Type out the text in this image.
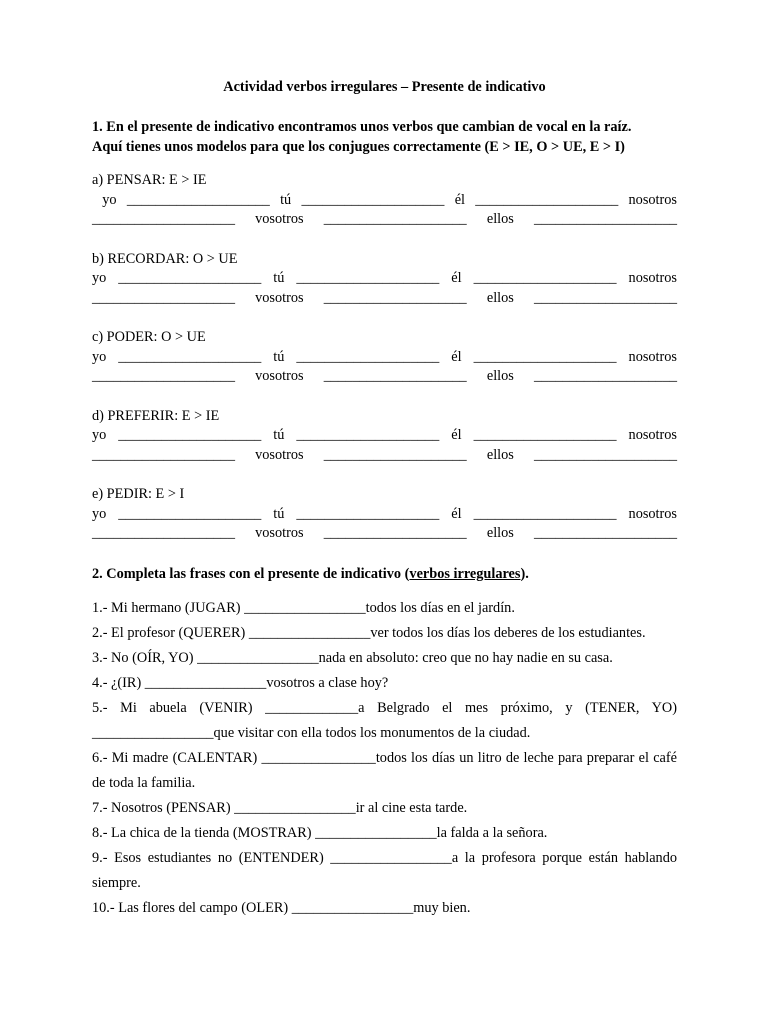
Actividad verbos irregulares – Presente de indicativo
1. En el presente de indicativo encontramos unos verbos que cambian de vocal en la raíz.
Aquí tienes unos modelos para que los conjugues correctamente (E > IE, O > UE, E > I)
a) PENSAR: E > IE
yo ____________________ tú ____________________ él ____________________ nosotros
____________________ vosotros ____________________ ellos ____________________
b) RECORDAR: O > UE
yo ____________________ tú ____________________ él ____________________ nosotros
____________________ vosotros ____________________ ellos ____________________
c) PODER: O > UE
yo ____________________ tú ____________________ él ____________________ nosotros
____________________ vosotros ____________________ ellos ____________________
d) PREFERIR: E > IE
yo ____________________ tú ____________________ él ____________________ nosotros
____________________ vosotros ____________________ ellos ____________________
e) PEDIR: E > I
yo ____________________ tú ____________________ él ____________________ nosotros
____________________ vosotros ____________________ ellos ____________________
2. Completa las frases con el presente de indicativo (verbos irregulares).
1.- Mi hermano (JUGAR) _________________todos los días en el jardín.
2.- El profesor (QUERER) _________________ver todos los días los deberes de los estudiantes.
3.- No (OÍR, YO) _________________nada en absoluto: creo que no hay nadie en su casa.
4.- ¿(IR) _________________vosotros a clase hoy?
5.- Mi abuela (VENIR) _____________a Belgrado el mes próximo, y (TENER, YO) _________________que visitar con ella todos los monumentos de la ciudad.
6.- Mi madre (CALENTAR) ________________todos los días un litro de leche para preparar el café de toda la familia.
7.- Nosotros (PENSAR) _________________ir al cine esta tarde.
8.- La chica de la tienda (MOSTRAR) _________________la falda a la señora.
9.- Esos estudiantes no (ENTENDER) _________________a la profesora porque están hablando siempre.
10.- Las flores del campo (OLER) _________________muy bien.
